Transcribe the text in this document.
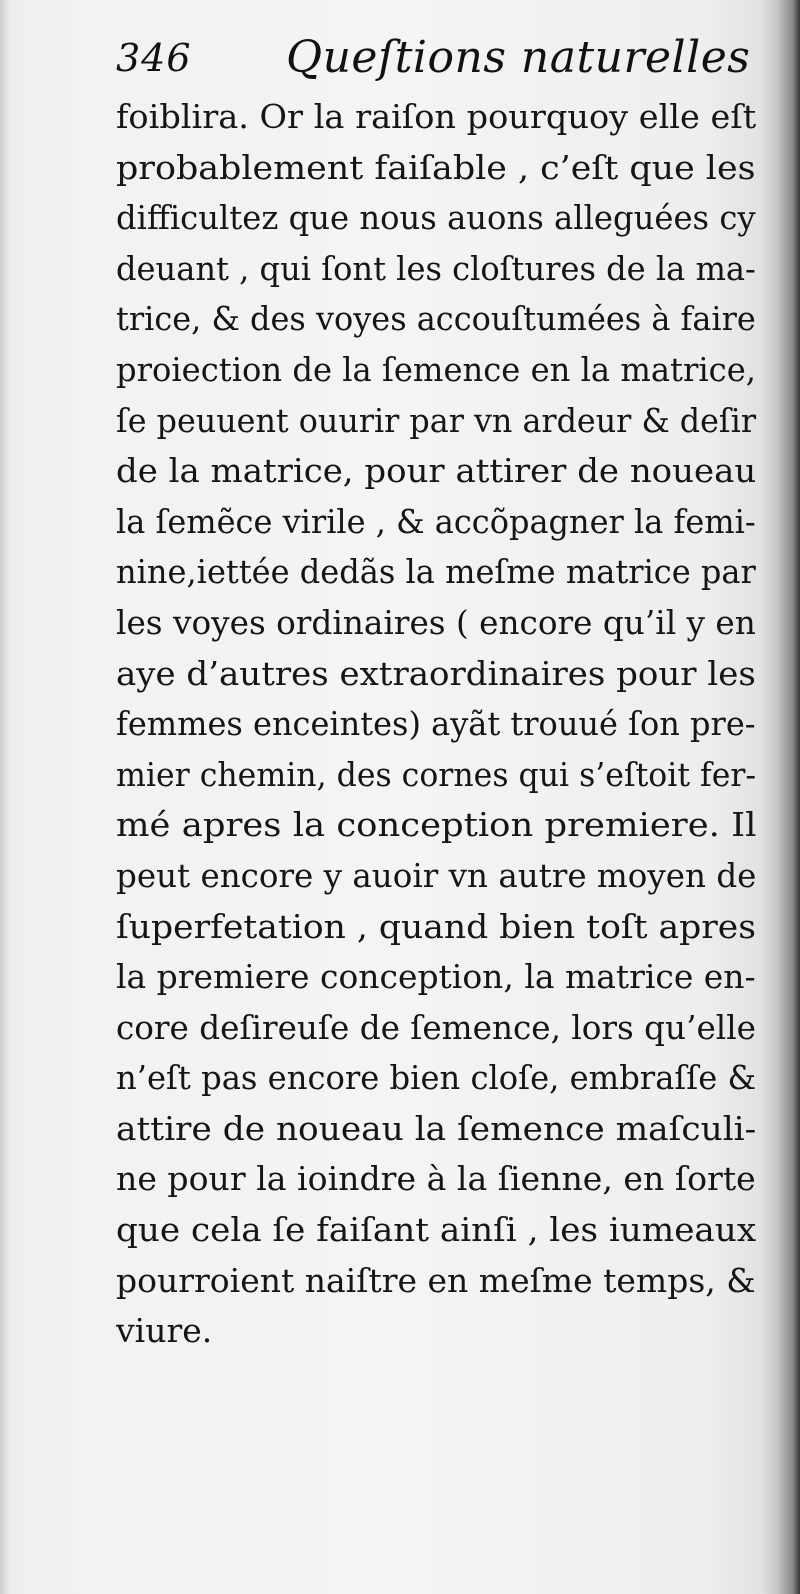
346 Queſtions naturelles
foiblira. Or la raiſon pourquoy elle eſt
probablement faiſable , c’eſt que les
difficultez que nous auons alleguées cy
deuant , qui ſont les cloſtures de la ma-
trice, & des voyes accouſtumées à faire
proiection de la ſemence en la matrice,
ſe peuuent ouurir par vn ardeur & deſir
de la matrice, pour attirer de noueau
la ſemẽce virile , & accõpagner la femi-
nine,iettée dedãs la meſme matrice par
les voyes ordinaires ( encore qu’il y en
aye d’autres extraordinaires pour les
femmes enceintes) ayãt trouué ſon pre-
mier chemin, des cornes qui s’eſtoit fer-
mé apres la conception premiere. Il
peut encore y auoir vn autre moyen de
ſuperfetation , quand bien toſt apres
la premiere conception, la matrice en-
core deſireuſe de ſemence, lors qu’elle
n’eſt pas encore bien cloſe, embraſſe &
attire de noueau la ſemence maſculi-
ne pour la ioindre à la ſienne, en ſorte
que cela ſe faiſant ainſi , les iumeaux
pourroient naiſtre en meſme temps, &
viure.
